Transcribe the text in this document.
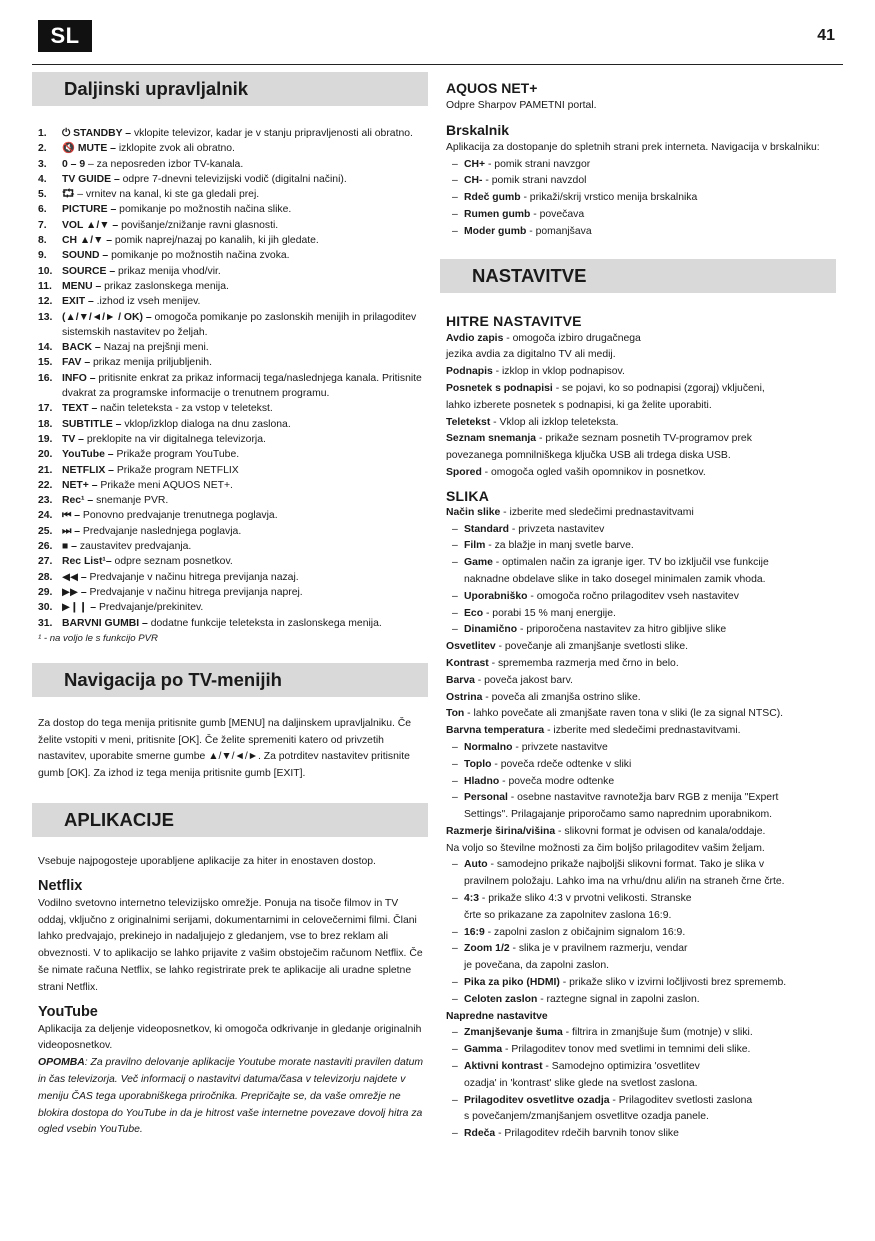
SL	41
Daljinski upravljalnik
1. ⏻ STANDBY – vklopite televizor, kadar je v stanju pripravljenosti ali obratno.
2. 🔇 MUTE – izklopite zvok ali obratno.
3. 0 – 9 – za neposreden izbor TV-kanala.
4. TV GUIDE – odpre 7-dnevni televizijski vodič (digitalni načini).
5. ⮔ – vrnitev na kanal, ki ste ga gledali prej.
6. PICTURE – pomikanje po možnostih načina slike.
7. VOL ▲/▼ – povišanje/znižanje ravni glasnosti.
8. CH ▲/▼ – pomik naprej/nazaj po kanalih, ki jih gledate.
9. SOUND – pomikanje po možnostih načina zvoka.
10. SOURCE – prikaz menija vhod/vir.
11. MENU – prikaz zaslonskega menija.
12. EXIT – .izhod iz vseh menijev.
13. (▲/▼/◄/► / OK) – omogoča pomikanje po zaslonskih menijih in prilagoditev sistemskih nastavitev po željah.
14. BACK – Nazaj na prejšnji meni.
15. FAV – prikaz menija priljubljenih.
16. INFO – pritisnite enkrat za prikaz informacij tega/naslednjega kanala. Pritisnite dvakrat za programske informacije o trenutnem programu.
17. TEXT – način teleteksta - za vstop v teletekst.
18. SUBTITLE – vklop/izklop dialoga na dnu zaslona.
19. TV – preklopite na vir digitalnega televizorja.
20. YouTube – Prikaže program YouTube.
21. NETFLIX – Prikaže program NETFLIX
22. NET+ – Prikaže meni AQUOS NET+.
23. Rec¹ – snemanje PVR.
24. ⏮ – Ponovno predvajanje trenutnega poglavja.
25. ⏭ – Predvajanje naslednjega poglavja.
26. ■ – zaustavitev predvajanja.
27. Rec List¹– odpre seznam posnetkov.
28. ◀◀ – Predvajanje v načinu hitrega previjanja nazaj.
29. ▶▶ – Predvajanje v načinu hitrega previjanja naprej.
30. ▶❙❙ – Predvajanje/prekinitev.
31. BARVNI GUMBI – dodatne funkcije teleteksta in zaslonskega menija.
¹ - na voljo le s funkcijo PVR
Navigacija po TV-menijih

Za dostop do tega menija pritisnite gumb [MENU] na daljinskem upravljalniku. Če želite vstopiti v meni, pritisnite [OK]. Če želite spremeniti katero od privzetih nastavitev, uporabite smerne gumbe ▲/▼/◄/►. Za potrditev nastavitev pritisnite gumb [OK]. Za izhod iz tega menija pritisnite gumb [EXIT].

APLIKACIJE

Vsebuje najpogosteje uporabljene aplikacije za hiter in enostaven dostop.

Netflix

Vodilno svetovno internetno televizijsko omrežje. Ponuja na tisoče filmov in TV oddaj, vključno z originalnimi serijami, dokumentarnimi in celovečernimi filmi. Člani lahko predvajajo, prekinejo in nadaljujejo z gledanjem, vse to brez reklam ali obveznosti. V to aplikacijo se lahko prijavite z vašim obstoječim računom Netflix. Če še nimate računa Netflix, se lahko registrirate prek te aplikacije ali uradne spletne strani Netflix.

YouTube

Aplikacija za deljenje videoposnetkov, ki omogoča odkrivanje in gledanje originalnih videoposnetkov.

OPOMBA: Za pravilno delovanje aplikacije Youtube morate nastaviti pravilen datum in čas televizorja. Več informacij o nastavitvi datuma/časa v televizorju najdete v meniju ČAS tega uporabniškega priročnika. Prepričajte se, da vaše omrežje ne blokira dostopa do YouTube in da je hitrost vaše internetne povezave dovolj hitra za ogled vsebin YouTube.

AQUOS NET+

Odpre Sharpov PAMETNI portal.

Brskalnik

Aplikacija za dostopanje do spletnih strani prek interneta. Navigacija v brskalniku:

– CH+ - pomik strani navzgor
– CH- - pomik strani navzdol
– Rdeč gumb - prikaži/skrij vrstico menija brskalnika
– Rumen gumb - povečava
– Moder gumb - pomanjšava
NASTAVITVE

HITRE NASTAVITVE

Avdio zapis - omogoča izbiro drugačnega

jezika avdia za digitalno TV ali medij.

Podnapis - izklop in vklop podnapisov.

Posnetek s podnapisi - se pojavi, ko so podnapisi (zgoraj) vključeni,

lahko izberete posnetek s podnapisi, ki ga želite uporabiti.

Teletekst - Vklop ali izklop teleteksta.

Seznam snemanja - prikaže seznam posnetih TV-programov prek

povezanega pomnilniškega ključka USB ali trdega diska USB.

Spored - omogoča ogled vaših opomnikov in posnetkov.

SLIKA

Način slike - izberite med sledečimi prednastavitvami

– Standard - privzeta nastavitev
– Film - za blažje in manj svetle barve.
– Game - optimalen način za igranje iger. TV bo izključil vse funkcije
naknadne obdelave slike in tako dosegel minimalen zamik vhoda.
– Uporabniško - omogoča ročno prilagoditev vseh nastavitev
– Eco - porabi 15 % manj energije.
– Dinamično - priporočena nastavitev za hitro gibljive slike

Osvetlitev - povečanje ali zmanjšanje svetlosti slike.

Kontrast - sprememba razmerja med črno in belo.

Barva - poveča jakost barv.

Ostrina - poveča ali zmanjša ostrino slike.

Ton - lahko povečate ali zmanjšate raven tona v sliki (le za signal NTSC).

Barvna temperatura - izberite med sledečimi prednastavitvami.

– Normalno - privzete nastavitve
– Toplo - poveča rdeče odtenke v sliki
– Hladno - poveča modre odtenke
– Personal - osebne nastavitve ravnotežja barv RGB z menija "Expert
Settings". Prilagajanje priporočamo samo naprednim uporabnikom.

Razmerje širina/višina - slikovni format je odvisen od kanala/oddaje.

Na voljo so številne možnosti za čim boljšo prilagoditev vašim željam.

– Auto - samodejno prikaže najboljši slikovni format. Tako je slika v
pravilnem položaju. Lahko ima na vrhu/dnu ali/in na straneh črne črte.
– 4:3 - prikaže sliko 4:3 v prvotni velikosti. Stranske
črte so prikazane za zapolnitev zaslona 16:9.
– 16:9 - zapolni zaslon z običajnim signalom 16:9.
– Zoom 1/2 - slika je v pravilnem razmerju, vendar
je povečana, da zapolni zaslon.
– Pika za piko (HDMI) - prikaže sliko v izvirni ločljivosti brez sprememb.
– Celoten zaslon - raztegne signal in zapolni zaslon.

Napredne nastavitve

– Zmanjševanje šuma - filtrira in zmanjšuje šum (motnje) v sliki.
– Gamma - Prilagoditev tonov med svetlimi in temnimi deli slike.
– Aktivni kontrast - Samodejno optimizira 'osvetlitev
ozadja' in 'kontrast' slike glede na svetlost zaslona.
– Prilagoditev osvetlitve ozadja - Prilagoditev svetlosti zaslona
s povečanjem/zmanjšanjem osvetlitve ozadja panele.
– Rdeča - Prilagoditev rdečih barvnih tonov slike
